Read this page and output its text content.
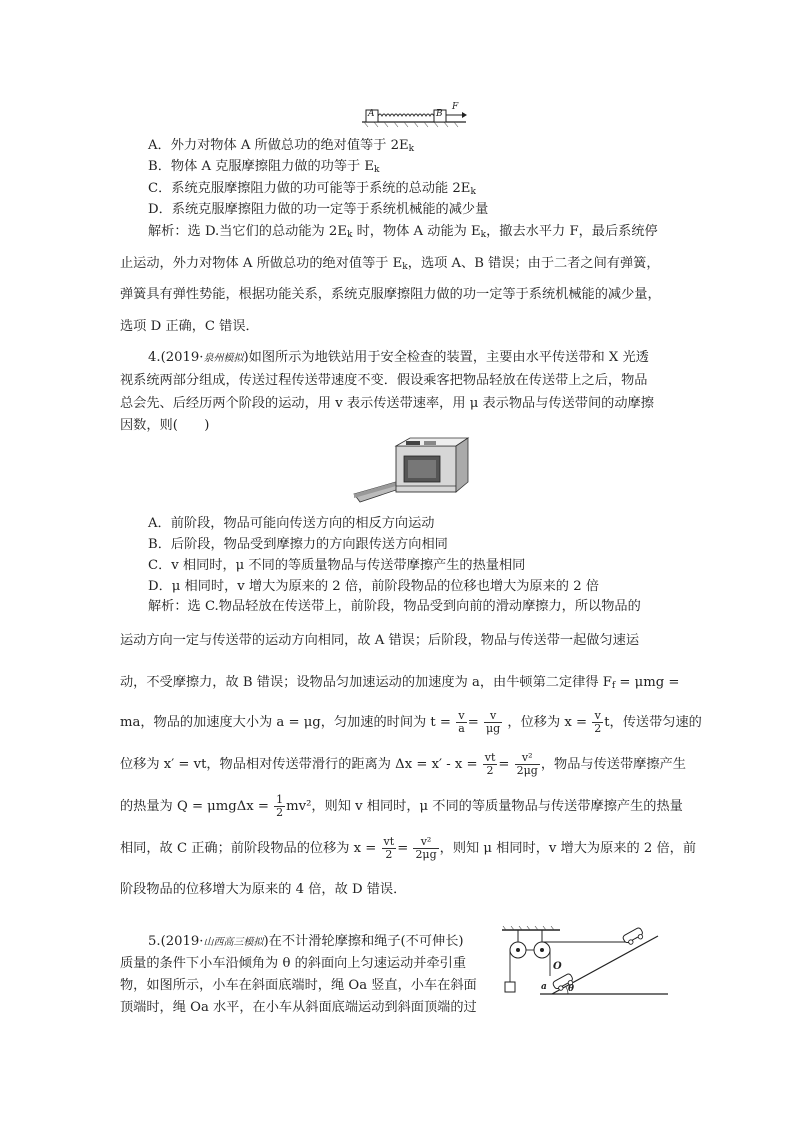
A	B
F
A．外力对物体 A 所做总功的绝对值等于 $2E_k$
B．物体 A 克服摩擦阻力做的功等于 $E_k$
C．系统克服摩擦阻力做的功可能等于系统的总动能 $2E_k$
D．系统克服摩擦阻力做的功一定等于系统机械能的减少量
解析：选 D.当它们的总动能为 $2E_k$ 时，物体 A 动能为 $E_k$，撤去水平力 F，最后系统停
止运动，外力对物体 A 所做总功的绝对值等于 $E_k$，选项 A、B 错误；由于二者之间有弹簧，
弹簧具有弹性势能，根据功能关系，系统克服摩擦阻力做的功一定等于系统机械能的减少量，
选项 D 正确，C 错误．
4.(2019·泉州模拟)如图所示为地铁站用于安全检查的装置，主要由水平传送带和 X 光透
视系统两部分组成，传送过程传送带速度不变．假设乘客把物品轻放在传送带上之后，物品
总会先、后经历两个阶段的运动，用 v 表示传送带速率，用 μ 表示物品与传送带间的动摩擦
因数，则(　　)
A．前阶段，物品可能向传送方向的相反方向运动
B．后阶段，物品受到摩擦力的方向跟传送方向相同
C．v 相同时，μ 不同的等质量物品与传送带摩擦产生的热量相同
D．μ 相同时，v 增大为原来的 2 倍，前阶段物品的位移也增大为原来的 2 倍
解析：选 C.物品轻放在传送带上，前阶段，物品受到向前的滑动摩擦力，所以物品的
运动方向一定与传送带的运动方向相同，故 A 错误；后阶段，物品与传送带一起做匀速运
动，不受摩擦力，故 B 错误；设物品匀加速运动的加速度为 a，由牛顿第二定律得 $F_f = \mu mg$ =
ma，物品的加速度大小为 a = μg，匀加速的时间为 $t = \frac{v}{a} = \frac{v}{\mu g}$ ，位移为 $x = \frac{v}{2}$ t，传送带匀速的
位移为 x′ = vt，物品相对传送带滑行的距离为 $\Delta x = x' - x = \frac{vt}{2} = \frac{\text{v²}}{2\mu g}$ ，物品与传送带摩擦产生
的热量为 $Q = \mu mg\Delta x = \frac{1}{2} mv^2$，则知 v 相同时，μ 不同的等质量物品与传送带摩擦产生的热量
相同，故 C 正确；前阶段物品的位移为 $x = \frac{vt}{2} = \frac{\text{v²}}{2\mu g}$ ，则知 μ 相同时，v 增大为原来的 2 倍，前
阶段物品的位移增大为原来的 4 倍，故 D 错误．
5.(2019·山西高三模拟)在不计滑轮摩擦和绳子(不可伸长)
质量的条件下小车沿倾角为 θ 的斜面向上匀速运动并牵引重
物，如图所示，小车在斜面底端时，绳 Oa 竖直，小车在斜面
顶端时，绳 Oa 水平，在小车从斜面底端运动到斜面顶端的过
O
a θ
